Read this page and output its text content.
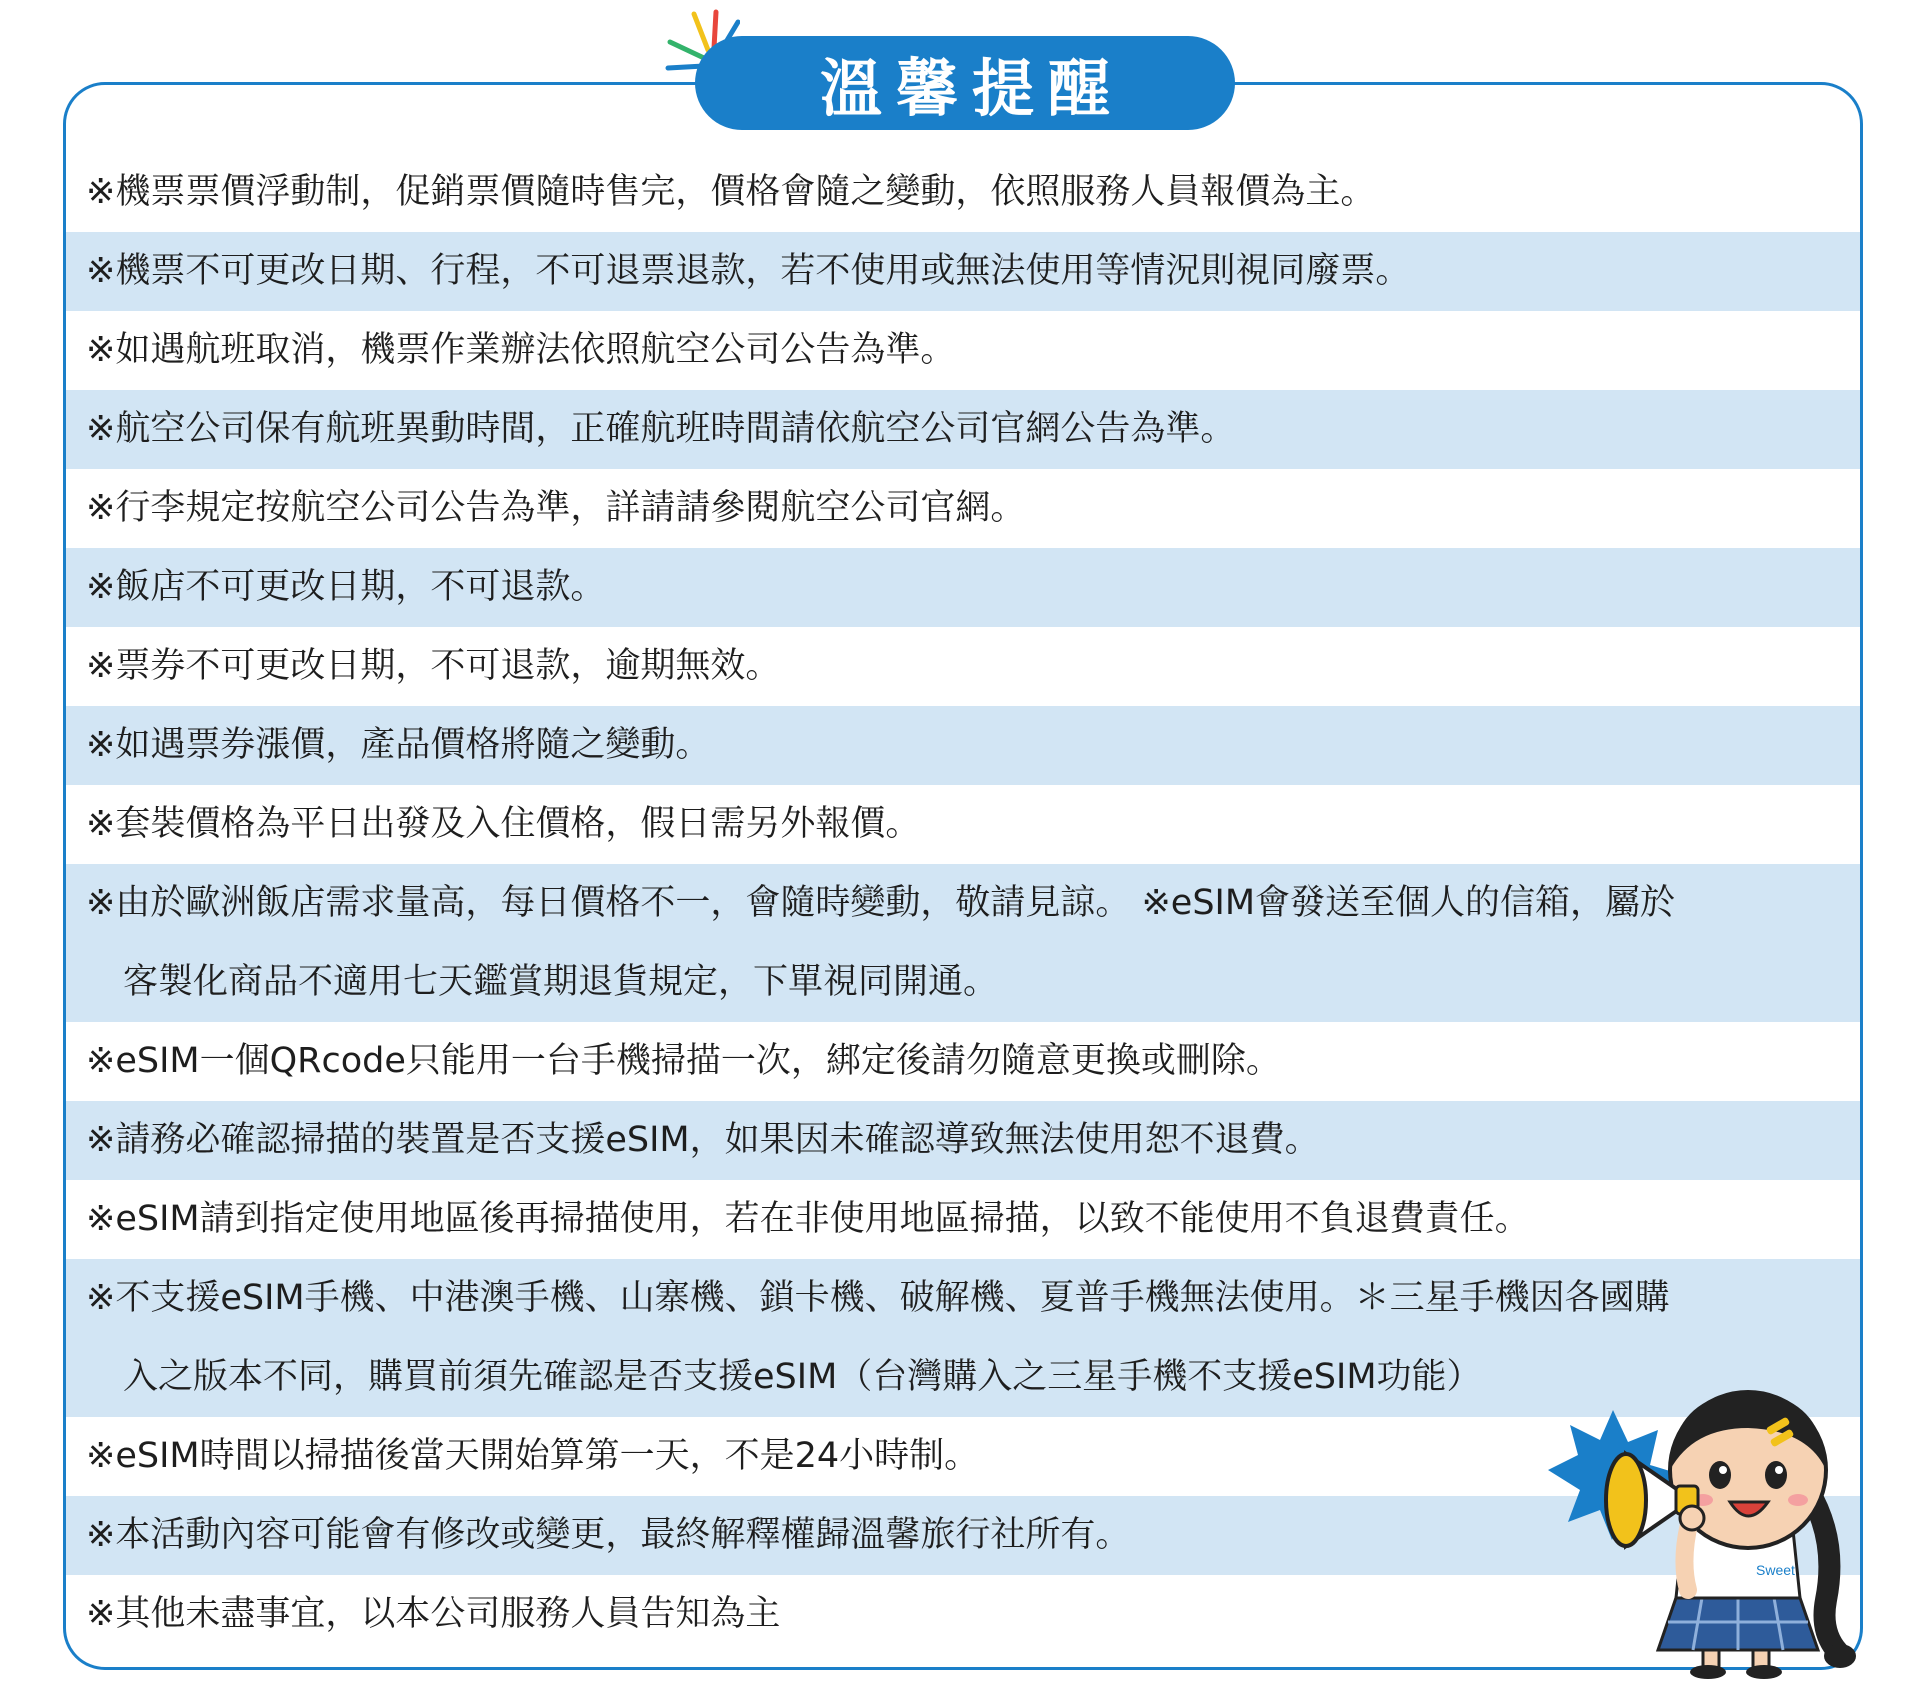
※機票票價浮動制，促銷票價隨時售完，價格會隨之變動，依照服務人員報價為主。
※機票不可更改日期、行程，不可退票退款，若不使用或無法使用等情況則視同廢票。
※如遇航班取消，機票作業辦法依照航空公司公告為準。
※航空公司保有航班異動時間，正確航班時間請依航空公司官網公告為準。
※行李規定按航空公司公告為準，詳請請參閱航空公司官網。
※飯店不可更改日期，不可退款。
※票券不可更改日期，不可退款，逾期無效。
※如遇票券漲價，產品價格將隨之變動。
※套裝價格為平日出發及入住價格，假日需另外報價。
※由於歐洲飯店需求量高，每日價格不一，會隨時變動，敬請見諒。 ※eSIM會發送至個人的信箱，屬於
客製化商品不適用七天鑑賞期退貨規定，下單視同開通。
※eSIM一個QRcode只能用一台手機掃描一次，綁定後請勿隨意更換或刪除。
※請務必確認掃描的裝置是否支援eSIM，如果因未確認導致無法使用恕不退費。
※eSIM請到指定使用地區後再掃描使用，若在非使用地區掃描，以致不能使用不負退費責任。
※不支援eSIM手機、中港澳手機、山寨機、鎖卡機、破解機、夏普手機無法使用。＊三星手機因各國購
入之版本不同，購買前須先確認是否支援eSIM（台灣購入之三星手機不支援eSIM功能）
※eSIM時間以掃描後當天開始算第一天，不是24小時制。
※本活動內容可能會有修改或變更，最終解釋權歸溫馨旅行社所有。
※其他未盡事宜，以本公司服務人員告知為主
溫馨提醒
Sweet
